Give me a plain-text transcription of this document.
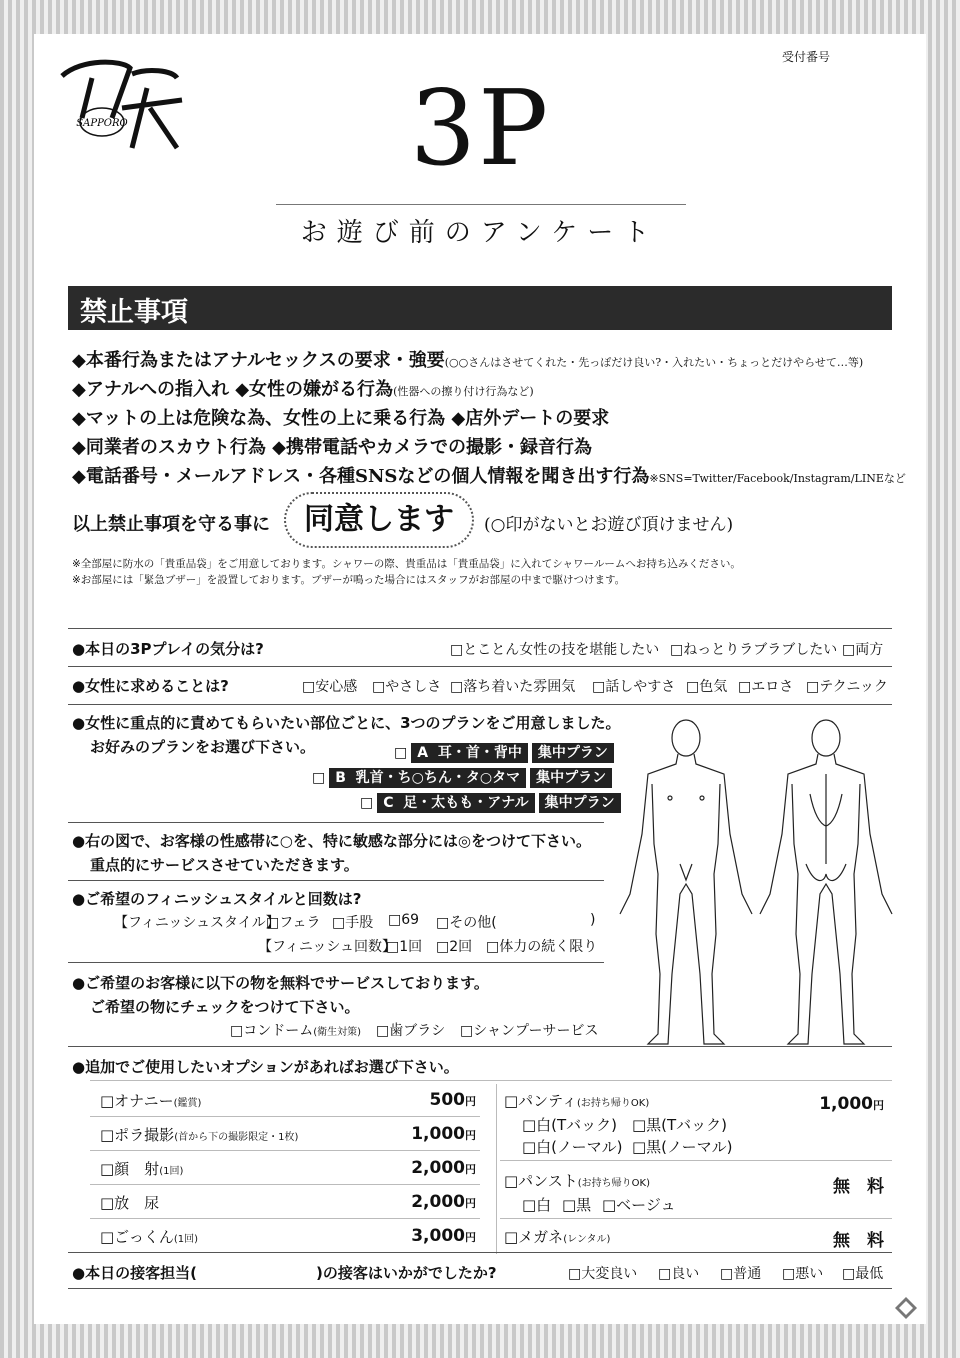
SAPPORO
受付番号
3P
お遊び前のアンケート
禁止事項
◆本番行為またはアナルセックスの要求・強要(○○さんはさせてくれた・先っぽだけ良い?・入れたい・ちょっとだけやらせて…等)
◆アナルへの指入れ ◆女性の嫌がる行為(性器への擦り付け行為など)
◆マットの上は危険な為、女性の上に乗る行為 ◆店外デートの要求
◆同業者のスカウト行為 ◆携帯電話やカメラでの撮影・録音行為
◆電話番号・メールアドレス・各種SNSなどの個人情報を聞き出す行為※SNS=Twitter/Facebook/Instagram/LINEなど
以上禁止事項を守る事に	同意します	(○印がないとお遊び頂けません)
※全部屋に防水の「貴重品袋」をご用意しております。シャワーの際、貴重品は「貴重品袋」に入れてシャワールームへお持ち込みください。
※お部屋には「緊急ブザー」を設置しております。ブザーが鳴った場合にはスタッフがお部屋の中まで駆けつけます。
●本日の3Pプレイの気分は?	□とことん女性の技を堪能したい □ねっとりラブラブしたい □両方
●女性に求めることは?	□安心感 □やさしさ □落ち着いた雰囲気 □話しやすさ □色気 □エロさ □テクニック
●女性に重点的に責めてもらいたい部位ごとに、3つのプランをご用意しました。
お好みのプランをお選び下さい。	□ A 耳・首・背中	集中プラン
□ B 乳首・ち○ちん・タ○タマ	集中プラン
□ C 足・太もも・アナル	集中プラン
●右の図で、お客様の性感帯に○を、特に敏感な部分には◎をつけて下さい。
重点的にサービスさせていただきます。
●ご希望のフィニッシュスタイルと回数は?
【フィニッシュスタイル】
□フェラ □手股 □69 □その他(	)
【フィニッシュ回数】
□1回 □2回 □体力の続く限り
●ご希望のお客様に以下の物を無料でサービスしております。
ご希望の物にチェックをつけて下さい。
□コンドーム(衛生対策) □歯ブラシ □シャンプーサービス
●追加でご使用したいオプションがあればお選び下さい。
□オナニー(鑑賞)	500円
□ポラ撮影(首から下の撮影限定・1枚)	1,000円
□顔　射(1回)	2,000円
□放　尿	2,000円
□ごっくん(1回)	3,000円
□パンティ(お持ち帰りOK)	1,000円
□白(Tバック) □黒(Tバック)
□白(ノーマル) □黒(ノーマル)
□パンスト(お持ち帰りOK)	無　料
□白 □黒 □ベージュ
□メガネ(レンタル)	無　料
●本日の接客担当(	)の接客はいかがでしたか?	□大変良い □良い □普通 □悪い □最低
